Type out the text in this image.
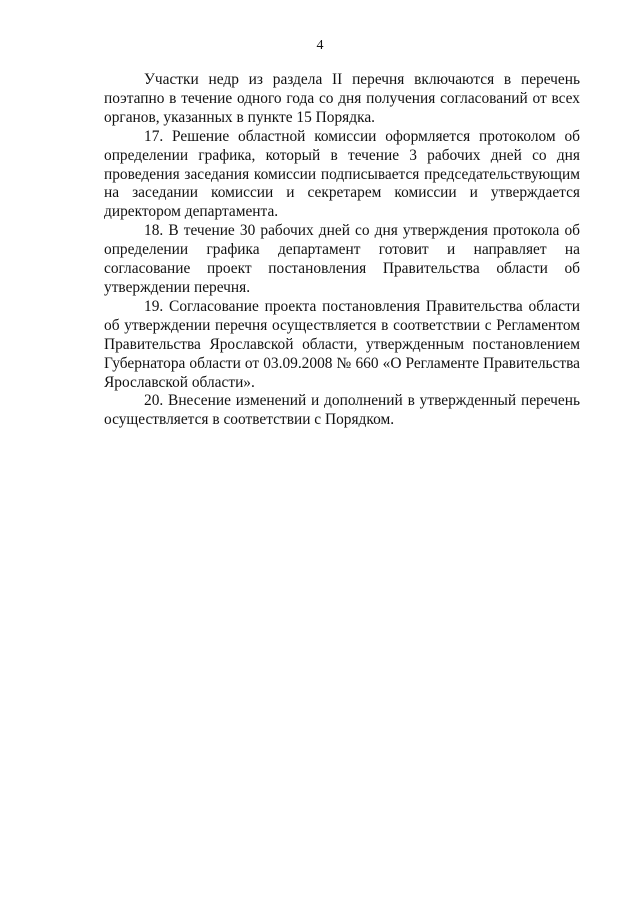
4

Участки недр из раздела II перечня включаются в перечень поэтапно в течение одного года со дня получения согласований от всех органов, указанных в пункте 15 Порядка.

17. Решение областной комиссии оформляется протоколом об определении графика, который в течение 3 рабочих дней со дня проведения заседания комиссии подписывается председательствующим на заседании комиссии и секретарем комиссии и утверждается директором департамента.

18. В течение 30 рабочих дней со дня утверждения протокола об определении графика департамент готовит и направляет на согласование проект постановления Правительства области об утверждении перечня.

19. Согласование проекта постановления Правительства области об утверждении перечня осуществляется в соответствии с Регламентом Правительства Ярославской области, утвержденным постановлением Губернатора области от 03.09.2008 № 660 «О Регламенте Правительства Ярославской области».

20. Внесение изменений и дополнений в утвержденный перечень осуществляется в соответствии с Порядком.
